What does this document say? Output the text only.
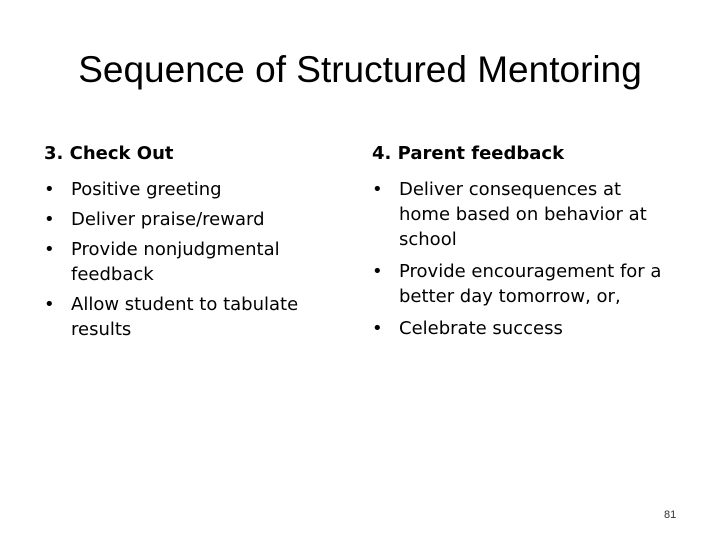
Sequence of Structured Mentoring
3. Check Out
• Positive greeting
• Deliver praise/reward
• Provide nonjudgmental feedback
• Allow student to tabulate results
4. Parent feedback
• Deliver consequences at home based on behavior at school
• Provide encouragement for a better day tomorrow, or,
• Celebrate success
81
